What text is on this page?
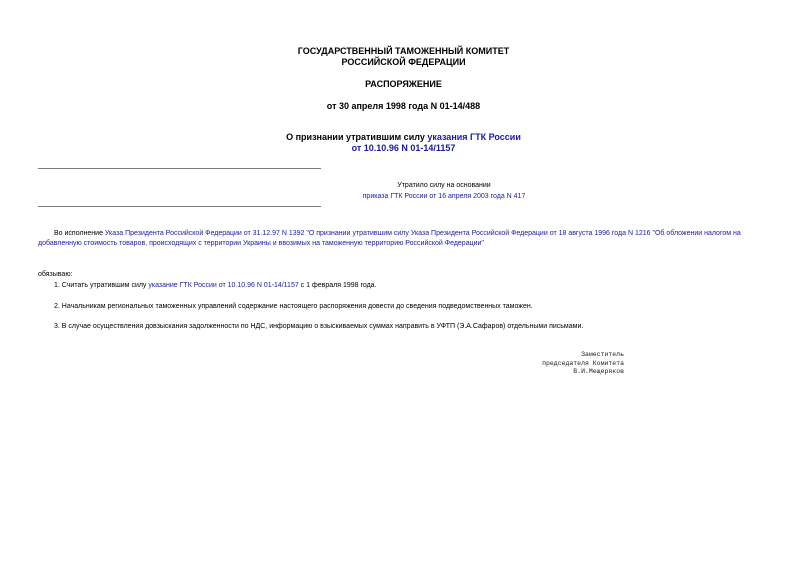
ГОСУДАРСТВЕННЫЙ ТАМОЖЕННЫЙ КОМИТЕТ
РОССИЙСКОЙ ФЕДЕРАЦИИ
РАСПОРЯЖЕНИЕ
от 30 апреля 1998 года N 01-14/488
О признании утратившим силу указания ГТК России
от 10.10.96 N 01-14/1157
Утратило силу на основании
приказа ГТК России от 16 апреля 2003 года N 417
Во исполнение Указа Президента Российской Федерации от 31.12.97 N 1392 "О признании утратившим силу Указа Президента Российской Федерации от 18 августа 1996 года N 1216 "Об обложении налогом на добавленную стоимость товаров, происходящих с территории Украины и ввозимых на таможенную территорию Российской Федерации"
обязываю:
1. Считать утратившим силу указание ГТК России от 10.10.96 N 01-14/1157 с 1 февраля 1998 года.
2. Начальникам региональных таможенных управлений содержание настоящего распоряжения довести до сведения подведомственных таможен.
3. В случае осуществления довзыскания задолженности по НДС, информацию о взыскиваемых суммах направить в УФТП (Э.А.Сафаров) отдельными письмами.
Заместитель
председателя Комитета
В.И.Мещеряков
